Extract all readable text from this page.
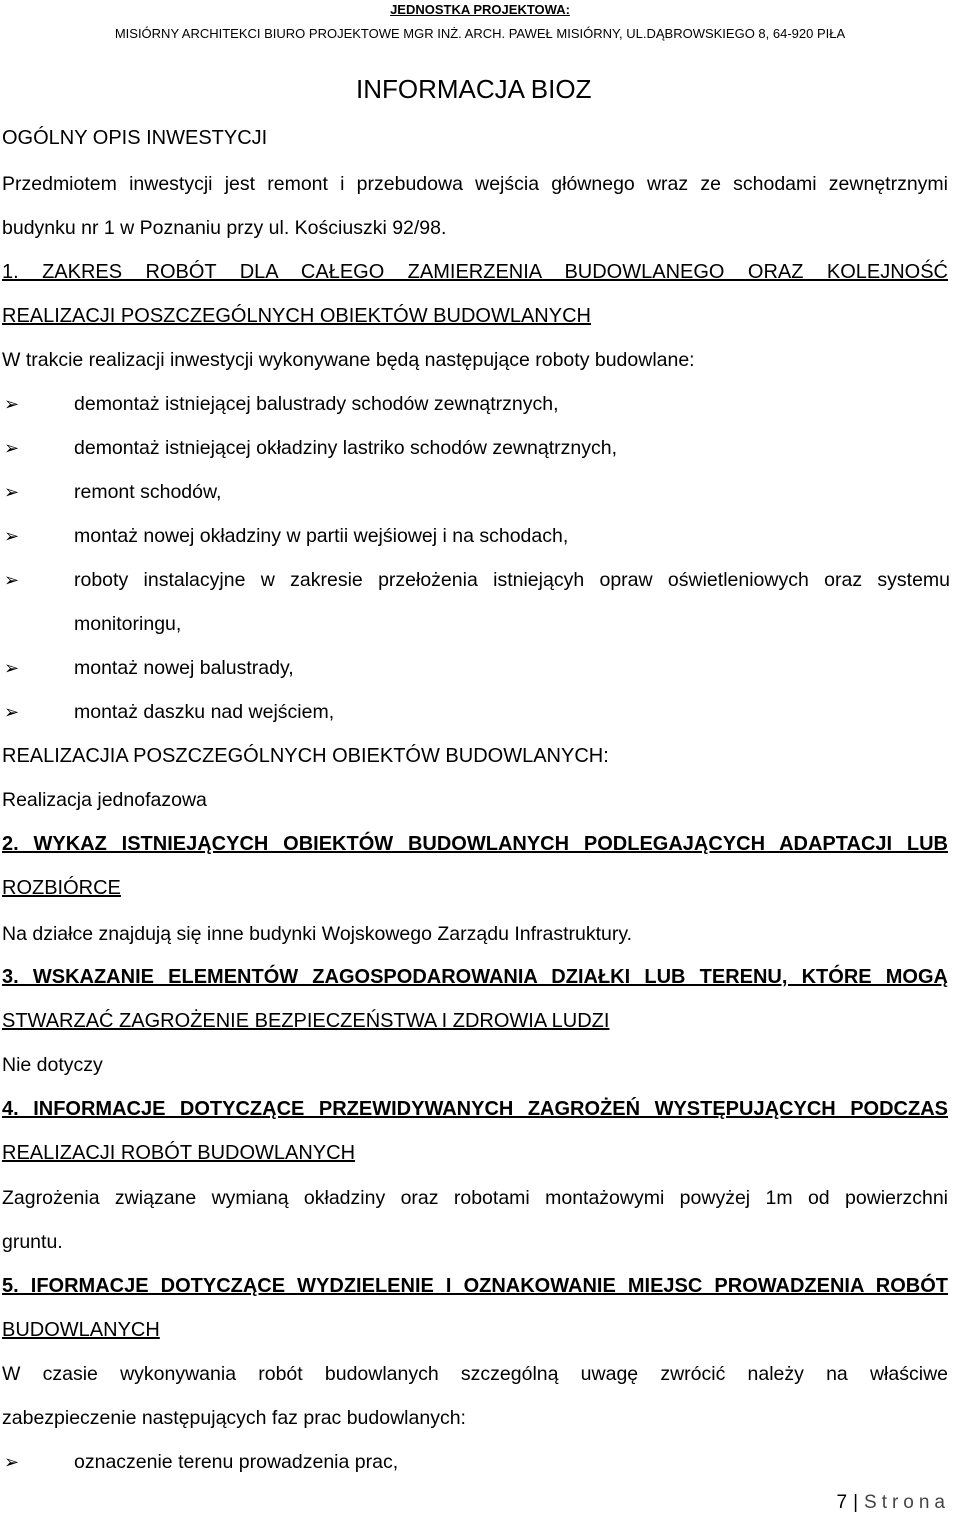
JEDNOSTKA PROJEKTOWA:
MISIÓRNY ARCHITEKCI BIURO PROJEKTOWE MGR INŻ. ARCH. PAWEŁ MISIÓRNY, UL.DĄBROWSKIEGO 8, 64-920 PIŁA
INFORMACJA BIOZ
OGÓLNY OPIS INWESTYCJI
Przedmiotem inwestycji jest remont i przebudowa wejścia głównego wraz ze schodami zewnętrznymi
budynku nr 1 w Poznaniu przy ul. Kościuszki 92/98.
1. ZAKRES ROBÓT DLA CAŁEGO ZAMIERZENIA BUDOWLANEGO ORAZ KOLEJNOŚĆ
REALIZACJI POSZCZEGÓLNYCH OBIEKTÓW BUDOWLANYCH
W trakcie realizacji inwestycji wykonywane będą następujące roboty budowlane:
➢	demontaż istniejącej balustrady schodów zewnątrznych,
➢	demontaż istniejącej okładziny lastriko schodów zewnątrznych,
➢	remont schodów,
➢	montaż nowej okładziny w partii wejśiowej i na schodach,
➢	roboty instalacyjne w zakresie przełożenia istniejącyh opraw oświetleniowych oraz systemu
monitoringu,
➢	montaż nowej balustrady,
➢	montaż daszku nad wejściem,
REALIZACJIA POSZCZEGÓLNYCH OBIEKTÓW BUDOWLANYCH:
Realizacja jednofazowa
2. WYKAZ ISTNIEJĄCYCH OBIEKTÓW BUDOWLANYCH PODLEGAJĄCYCH ADAPTACJI LUB
ROZBIÓRCE
Na działce znajdują się inne budynki Wojskowego Zarządu Infrastruktury.
3. WSKAZANIE ELEMENTÓW ZAGOSPODAROWANIA DZIAŁKI LUB TERENU, KTÓRE MOGĄ
STWARZAĆ ZAGROŻENIE BEZPIECZEŃSTWA I ZDROWIA LUDZI
Nie dotyczy
4. INFORMACJE DOTYCZĄCE PRZEWIDYWANYCH ZAGROŻEŃ WYSTĘPUJĄCYCH PODCZAS
REALIZACJI ROBÓT BUDOWLANYCH
Zagrożenia związane wymianą okładziny oraz robotami montażowymi powyżej 1m od powierzchni
gruntu.
5. IFORMACJE DOTYCZĄCE WYDZIELENIE I OZNAKOWANIE MIEJSC PROWADZENIA ROBÓT
BUDOWLANYCH
W czasie wykonywania robót budowlanych szczególną uwagę zwrócić należy na właściwe
zabezpieczenie następujących faz prac budowlanych:
➢	oznaczenie terenu prowadzenia prac,
7 | Strona
